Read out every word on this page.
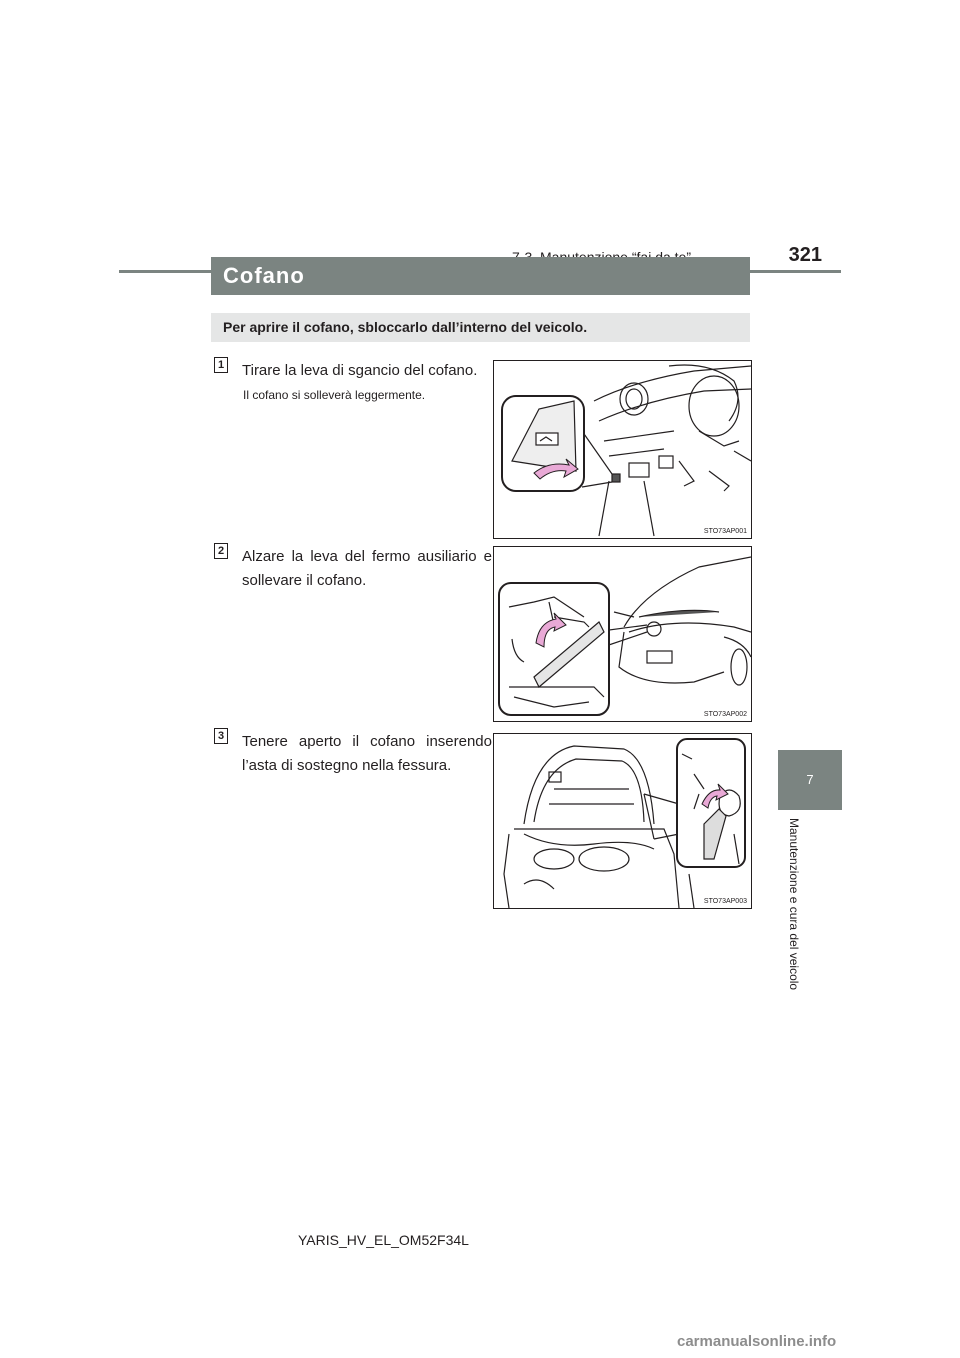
321
7
Manutenzione e cura del veicolo
Cofano
Per aprire il cofano, sbloccarlo dall’interno del veicolo.
1	Tirare la leva di sgancio del cofano.
Il cofano si solleverà leggermente.
STO73AP001
2	Alzare la leva del fermo ausiliario e sollevare il cofano.
STO73AP002
3	Tenere aperto il cofano inserendo l’asta di sostegno nella fessura.
STO73AP003
YARIS_HV_EL_OM52F34L
carmanualsonline.info
